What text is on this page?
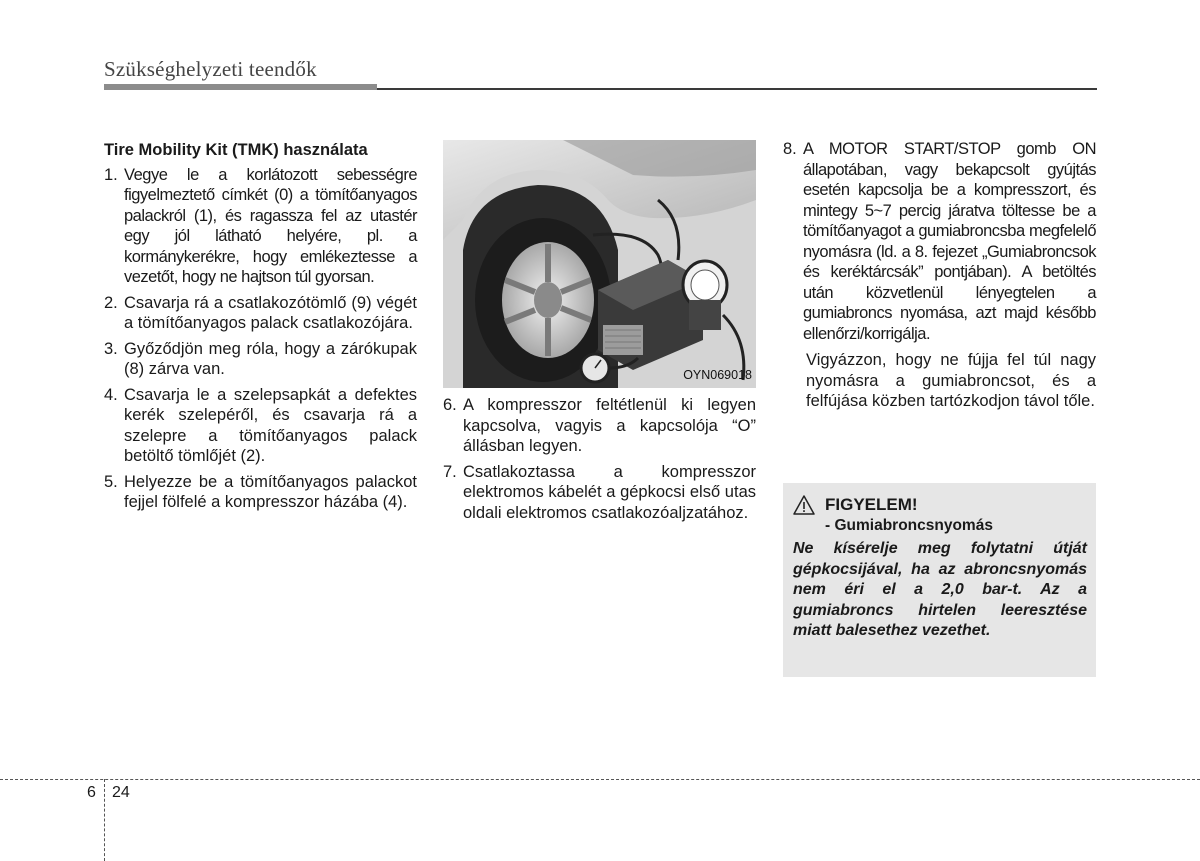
Szükséghelyzeti teendők
Tire Mobility Kit (TMK) használata
1. Vegye le a korlátozott sebességre figyelmeztető címkét (0) a tömítőanyagos palackról (1), és ragassza fel az utastér egy jól látható helyére, pl. a kormánykerékre, hogy emlékeztesse a vezetőt, hogy ne hajtson túl gyorsan.
2. Csavarja rá a csatlakozótömlő (9) végét a tömítőanyagos palack csatlakozójára.
3. Győződjön meg róla, hogy a zárókupak (8) zárva van.
4. Csavarja le a szelepsapkát a defektes kerék szelepéről, és csavarja rá a szelepre a tömítőanyagos palack betöltő tömlőjét (2).
5. Helyezze be a tömítőanyagos palackot fejjel fölfelé a kompresszor házába (4).
OYN069018
6. A kompresszor feltétlenül ki legyen kapcsolva, vagyis a kapcsolója “O” állásban legyen.
7. Csatlakoztassa a kompresszor elektromos kábelét a gépkocsi első utas oldali elektromos csatlakozóaljzatához.
8. A MOTOR START/STOP gomb ON állapotában, vagy bekapcsolt gyújtás esetén kapcsolja be a kompresszort, és mintegy 5~7 percig járatva töltesse be a tömítőanyagot a gumiabroncsba megfelelő nyomásra (ld. a 8. fejezet „Gumiabroncsok és keréktárcsák” pontjában). A betöltés után közvetlenül lényegtelen a gumiabroncs nyomása, azt majd később ellenőrzi/korrigálja.
Vigyázzon, hogy ne fújja fel túl nagy nyomásra a gumiabroncsot, és a felfújása közben tartózkodjon távol tőle.
FIGYELEM!
- Gumiabroncsnyomás
Ne kísérelje meg folytatni útját gépkocsijával, ha az abroncsnyomás nem éri el a 2,0 bar-t. Az a gumiabroncs hirtelen leeresztése miatt balesethez vezethet.
6 24
